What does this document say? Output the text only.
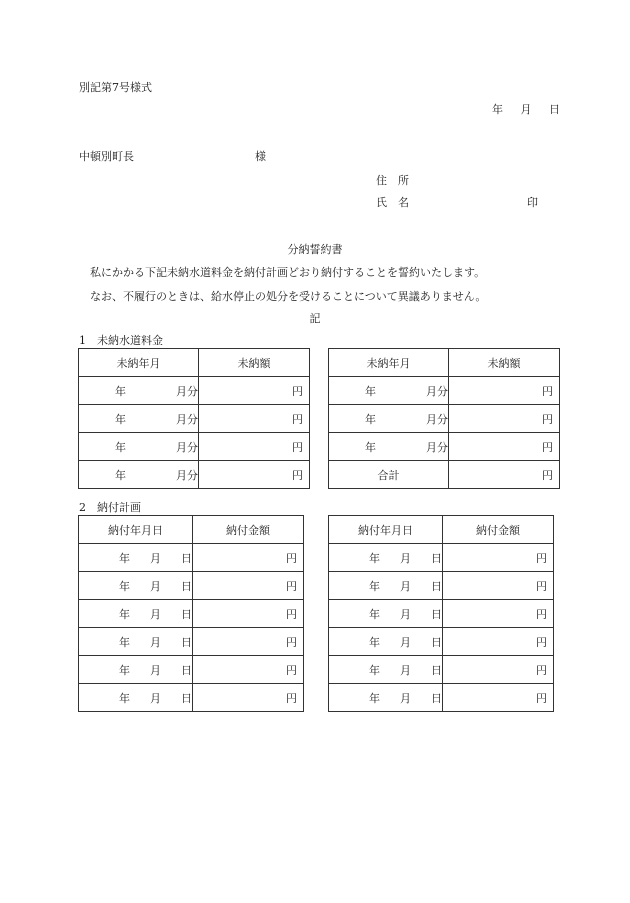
別記第7号様式
年 月 日
中頓別町長	様
住　所
氏　名	印
分納誓約書
私にかかる下記未納水道料金を納付計画どおり納付することを誓約いたします。
なお、不履行のときは、給水停止の処分を受けることについて異議ありません。
記
1　未納水道料金
未納年月	未納額
年 月分	円
年 月分	円
年 月分	円
年 月分	円
未納年月	未納額
年 月分	円
年 月分	円
年 月分	円
合計	円
2　納付計画
納付年月日	納付金額
年 月 日	円
年 月 日	円
年 月 日	円
年 月 日	円
年 月 日	円
年 月 日	円
納付年月日	納付金額
年 月 日	円
年 月 日	円
年 月 日	円
年 月 日	円
年 月 日	円
年 月 日	円
